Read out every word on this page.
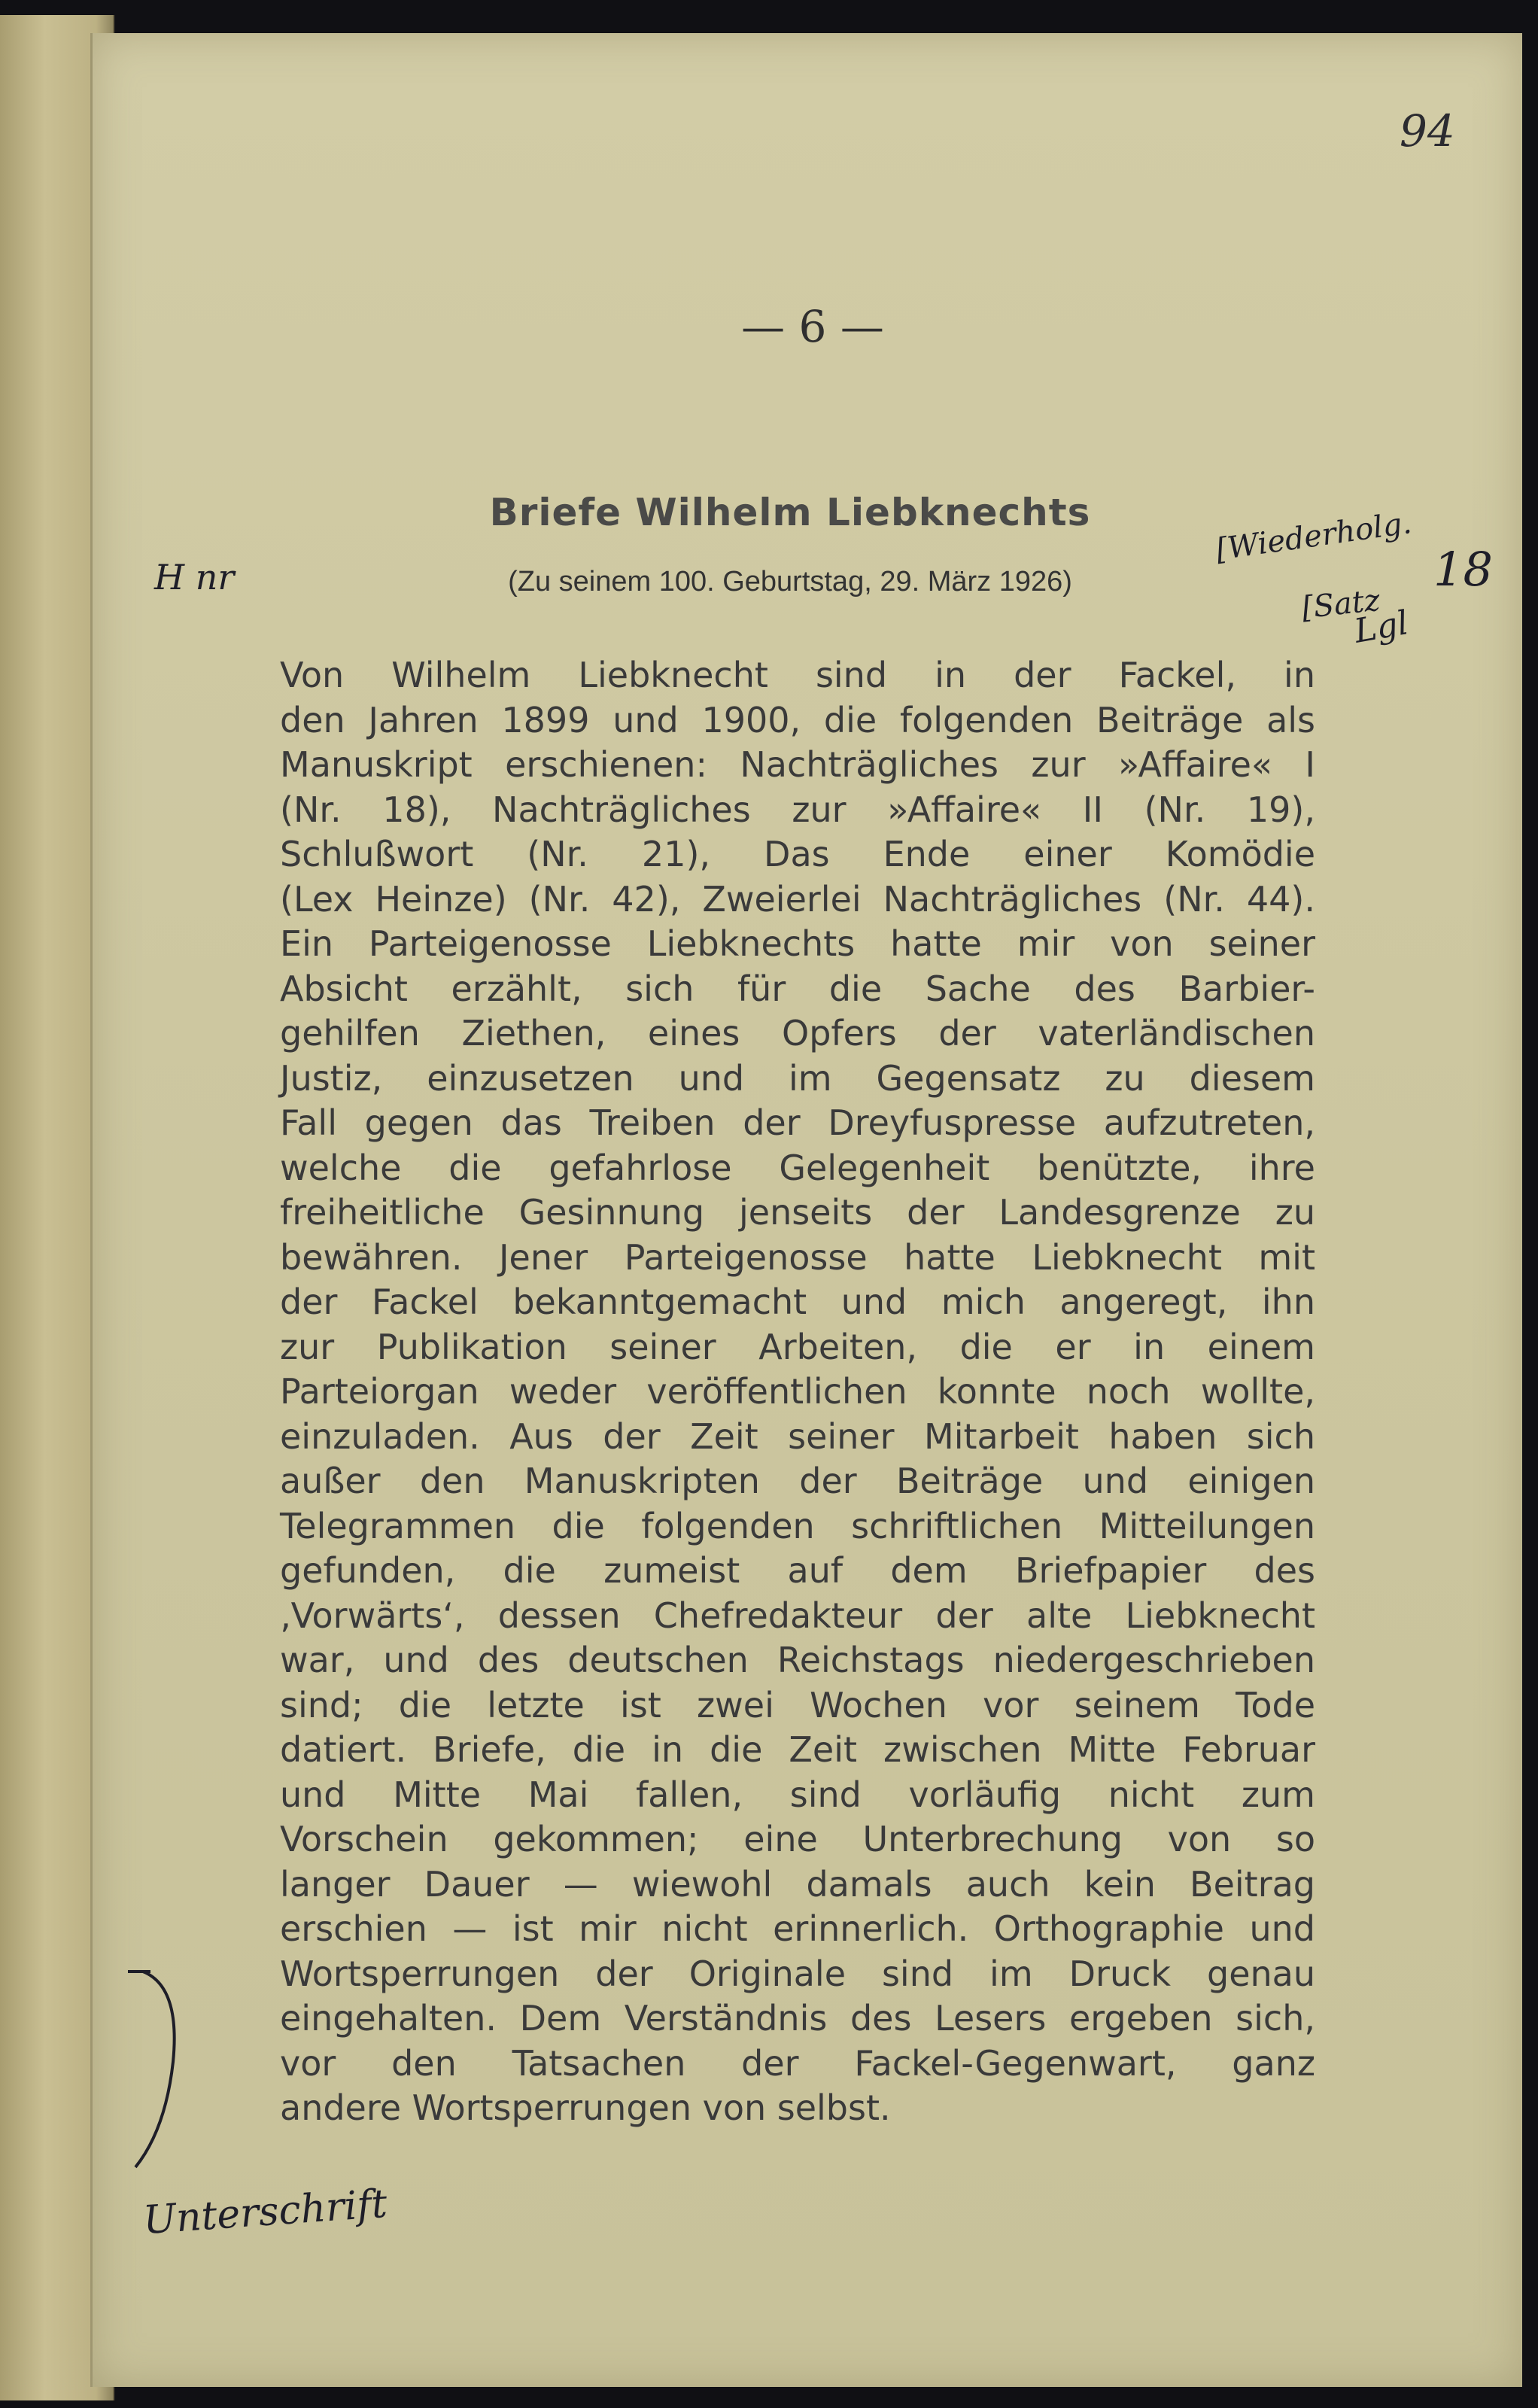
94
— 6 —
Briefe Wilhelm Liebknechts
(Zu seinem 100. Geburtstag, 29. März 1926)
H nr
[Wiederholg.
[Satz
18
Lgl
Von Wilhelm Liebknecht sind in der Fackel, in
den Jahren 1899 und 1900, die folgenden Beiträge als
Manuskript erschienen: Nachträgliches zur »Affaire« I
(Nr. 18), Nachträgliches zur »Affaire« II (Nr. 19),
Schlußwort (Nr. 21), Das Ende einer Komödie
(Lex Heinze) (Nr. 42), Zweierlei Nachträgliches (Nr. 44).
Ein Parteigenosse Liebknechts hatte mir von seiner
Absicht erzählt, sich für die Sache des Barbier-
gehilfen Ziethen, eines Opfers der vaterländischen
Justiz, einzusetzen und im Gegensatz zu diesem
Fall gegen das Treiben der Dreyfuspresse aufzutreten,
welche die gefahrlose Gelegenheit benützte, ihre
freiheitliche Gesinnung jenseits der Landesgrenze zu
bewähren. Jener Parteigenosse hatte Liebknecht mit
der Fackel bekanntgemacht und mich angeregt, ihn
zur Publikation seiner Arbeiten, die er in einem
Parteiorgan weder veröffentlichen konnte noch wollte,
einzuladen. Aus der Zeit seiner Mitarbeit haben sich
außer den Manuskripten der Beiträge und einigen
Telegrammen die folgenden schriftlichen Mitteilungen
gefunden, die zumeist auf dem Briefpapier des
‚Vorwärts‘, dessen Chefredakteur der alte Liebknecht
war, und des deutschen Reichstags niedergeschrieben
sind; die letzte ist zwei Wochen vor seinem Tode
datiert. Briefe, die in die Zeit zwischen Mitte Februar
und Mitte Mai fallen, sind vorläufig nicht zum
Vorschein gekommen; eine Unterbrechung von so
langer Dauer — wiewohl damals auch kein Beitrag
erschien — ist mir nicht erinnerlich. Orthographie und
Wortsperrungen der Originale sind im Druck genau
eingehalten. Dem Verständnis des Lesers ergeben sich,
vor den Tatsachen der Fackel-Gegenwart, ganz
andere Wortsperrungen von selbst.
Unterschrift
